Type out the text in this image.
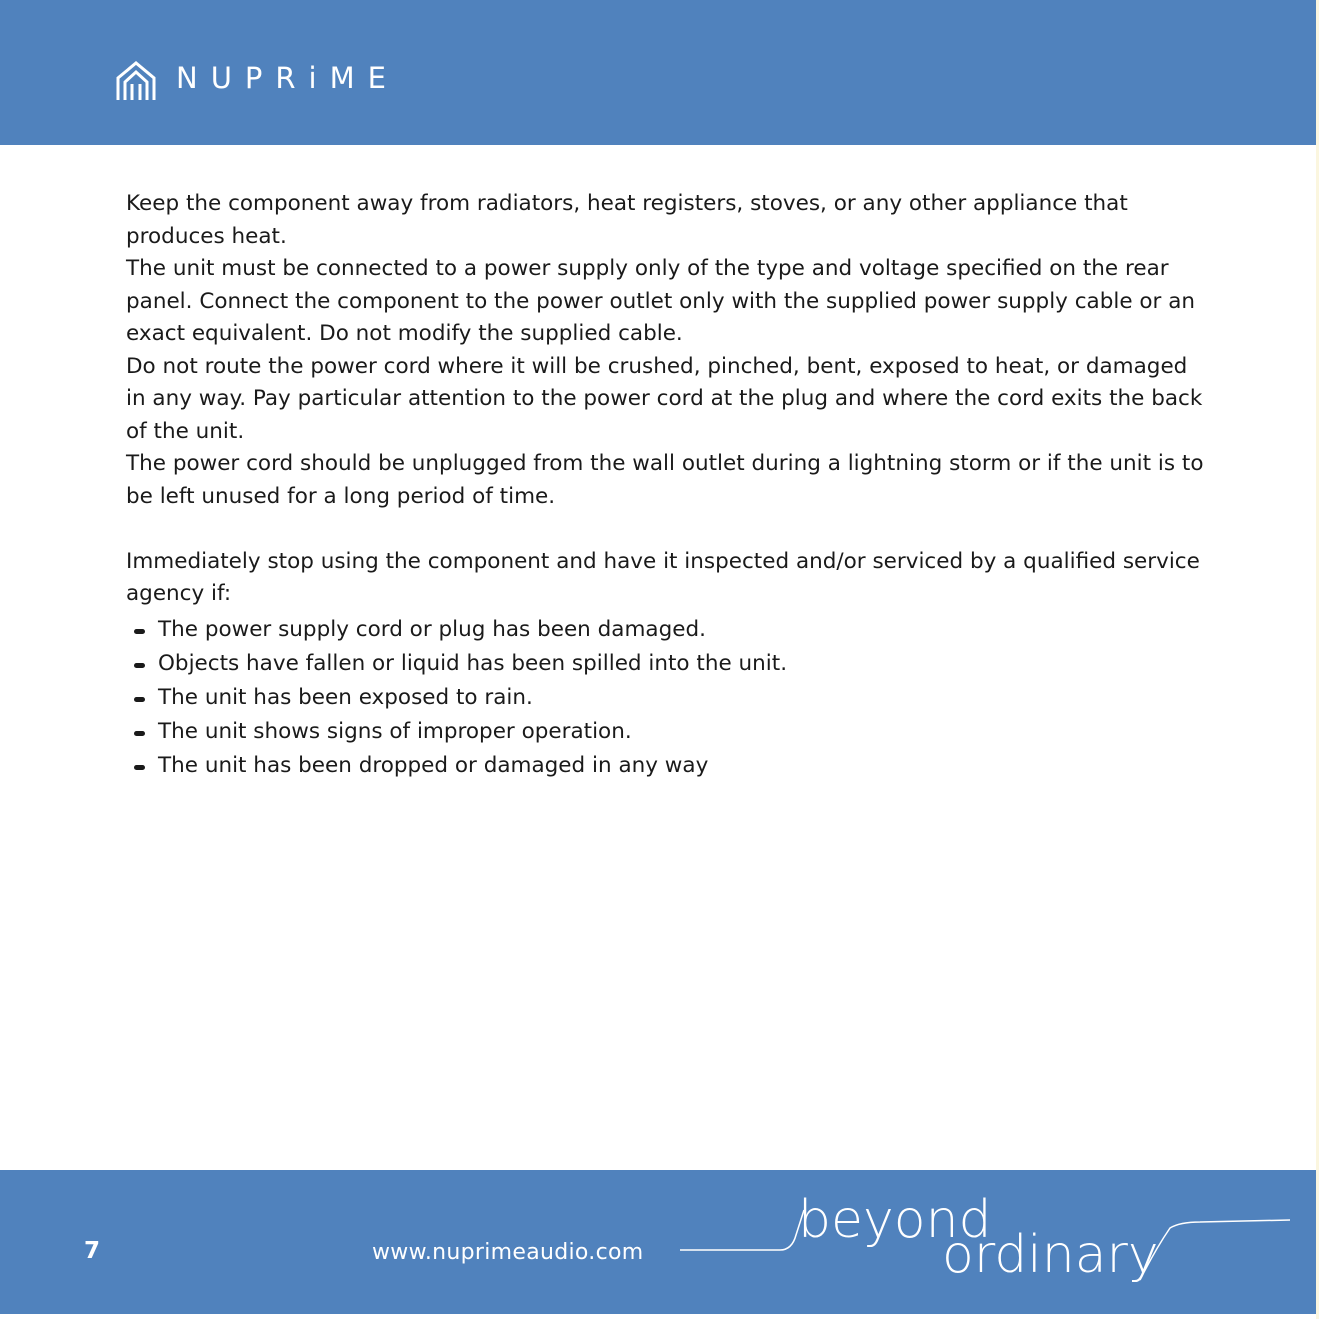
NUPRiME

Keep the component away from radiators, heat registers, stoves, or any other appliance that produces heat.

The unit must be connected to a power supply only of the type and voltage specified on the rear panel. Connect the component to the power outlet only with the supplied power supply cable or an exact equivalent. Do not modify the supplied cable.

Do not route the power cord where it will be crushed, pinched, bent, exposed to heat, or damaged in any way. Pay particular attention to the power cord at the plug and where the cord exits the back of the unit.

The power cord should be unplugged from the wall outlet during a lightning storm or if the unit is to be left unused for a long period of time.

Immediately stop using the component and have it inspected and/or serviced by a qualified service agency if:

The power supply cord or plug has been damaged.
Objects have fallen or liquid has been spilled into the unit.
The unit has been exposed to rain.
The unit shows signs of improper operation.
The unit has been dropped or damaged in any way
7	www.nuprimeaudio.com
beyond
ordinary
